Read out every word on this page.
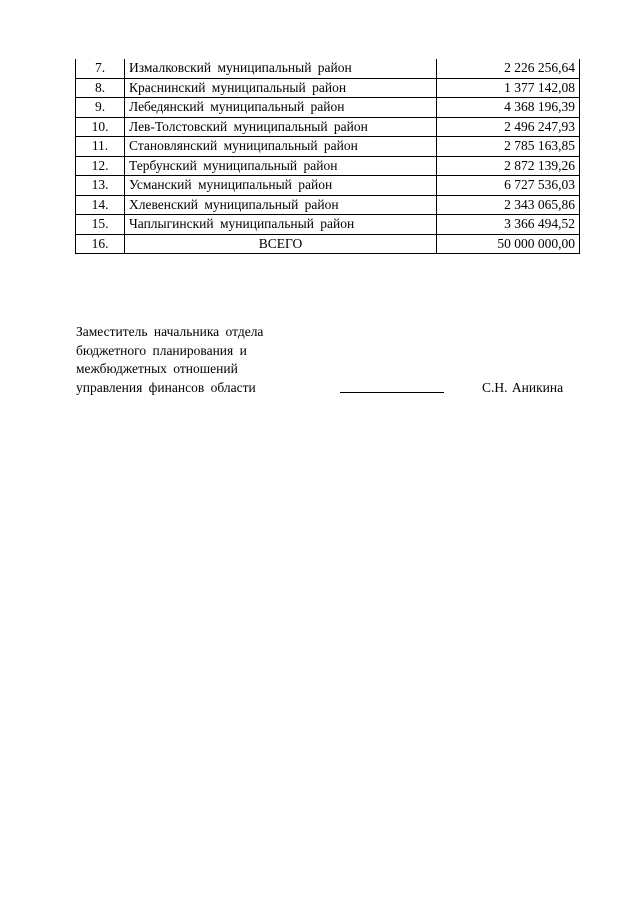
7.	Измалковский муниципальный район	2 226 256,64
8.	Краснинский муниципальный район	1 377 142,08
9.	Лебедянский муниципальный район	4 368 196,39
10.	Лев-Толстовский муниципальный район	2 496 247,93
11.	Становлянский муниципальный район	2 785 163,85
12.	Тербунский муниципальный район	2 872 139,26
13.	Усманский муниципальный район	6 727 536,03
14.	Хлевенский муниципальный район	2 343 065,86
15.	Чаплыгинский муниципальный район	3 366 494,52
16.	ВСЕГО	50 000 000,00
Заместитель начальника отдела
бюджетного планирования и
межбюджетных отношений
управления финансов области	С.Н. Аникина
